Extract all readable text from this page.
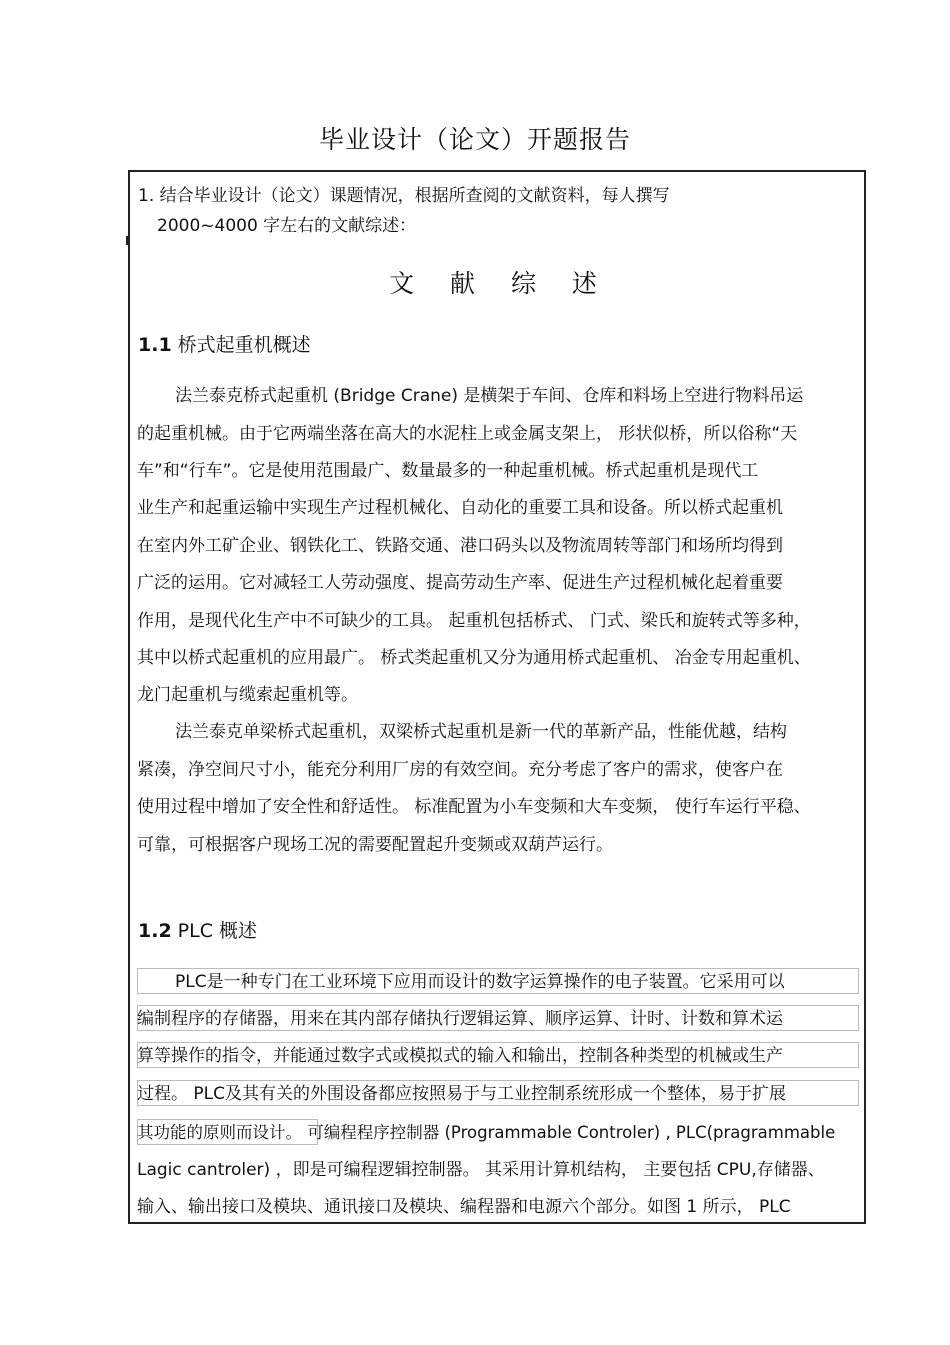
毕业设计（论文）开题报告
1. 结合毕业设计（论文）课题情况，根据所查阅的文献资料，每人撰写
2000~4000 字左右的文献综述：
文 献 综 述
1.1 桥式起重机概述
法兰泰克桥式起重机 (Bridge Crane) 是横架于车间、仓库和料场上空进行物料吊运
的起重机械。由于它两端坐落在高大的水泥柱上或金属支架上， 形状似桥，所以俗称“天
车”和“行车”。它是使用范围最广、数量最多的一种起重机械。桥式起重机是现代工
业生产和起重运输中实现生产过程机械化、自动化的重要工具和设备。所以桥式起重机
在室内外工矿企业、钢铁化工、铁路交通、港口码头以及物流周转等部门和场所均得到
广泛的运用。它对减轻工人劳动强度、提高劳动生产率、促进生产过程机械化起着重要
作用，是现代化生产中不可缺少的工具。 起重机包括桥式、 门式、梁氏和旋转式等多种，
其中以桥式起重机的应用最广。 桥式类起重机又分为通用桥式起重机、 冶金专用起重机、
龙门起重机与缆索起重机等。
法兰泰克单梁桥式起重机，双梁桥式起重机是新一代的革新产品，性能优越，结构
紧凑，净空间尺寸小，能充分利用厂房的有效空间。充分考虑了客户的需求，使客户在
使用过程中增加了安全性和舒适性。 标准配置为小车变频和大车变频， 使行车运行平稳、
可靠，可根据客户现场工况的需要配置起升变频或双葫芦运行。
1.2 PLC 概述
PLC是一种专门在工业环境下应用而设计的数字运算操作的电子装置。它采用可以
编制程序的存储器，用来在其内部存储执行逻辑运算、顺序运算、计时、计数和算术运
算等操作的指令，并能通过数字式或模拟式的输入和输出，控制各种类型的机械或生产
过程。 PLC及其有关的外围设备都应按照易于与工业控制系统形成一个整体，易于扩展
其功能的原则而设计。 可编程程序控制器 (Programmable Controler) , PLC(pragrammable
Lagic cantroler) ，即是可编程逻辑控制器。 其采用计算机结构， 主要包括 CPU,存储器、
输入、输出接口及模块、通讯接口及模块、编程器和电源六个部分。如图 1 所示， PLC
